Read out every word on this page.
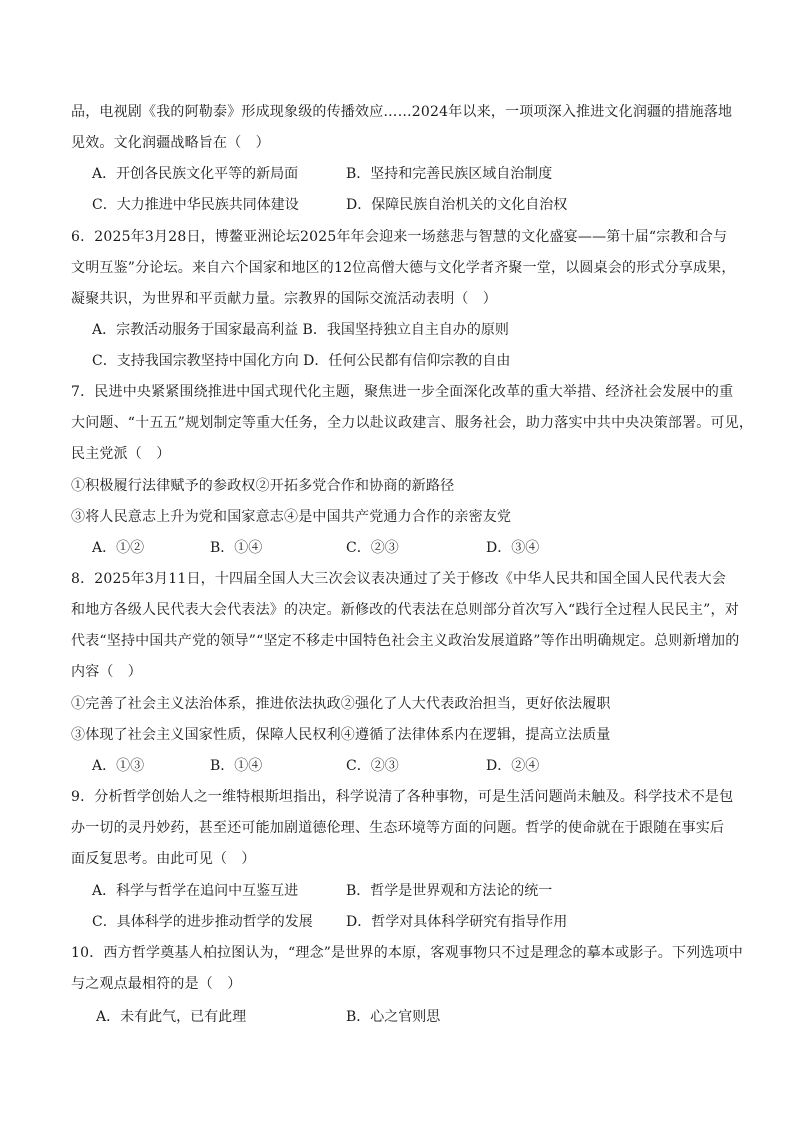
品，电视剧《我的阿勒泰》形成现象级的传播效应……2024年以来，一项项深入推进文化润疆的措施落地
见效。文化润疆战略旨在（　）
A．开创各民族文化平等的新局面	B．坚持和完善民族区域自治制度
C．大力推进中华民族共同体建设	D．保障民族自治机关的文化自治权
6．2025年3月28日，博鳌亚洲论坛2025年年会迎来一场慈悲与智慧的文化盛宴——第十届“宗教和合与
文明互鉴”分论坛。来自六个国家和地区的12位高僧大德与文化学者齐聚一堂，以圆桌会的形式分享成果，
凝聚共识，为世界和平贡献力量。宗教界的国际交流活动表明（　）
A．宗教活动服务于国家最高利益 B．我国坚持独立自主自办的原则
C．支持我国宗教坚持中国化方向 D．任何公民都有信仰宗教的自由
7．民进中央紧紧围绕推进中国式现代化主题，聚焦进一步全面深化改革的重大举措、经济社会发展中的重
大问题、“十五五”规划制定等重大任务，全力以赴议政建言、服务社会，助力落实中共中央决策部署。可见，
民主党派（　）
①积极履行法律赋予的参政权②开拓多党合作和协商的新路径
③将人民意志上升为党和国家意志④是中国共产党通力合作的亲密友党
A．①②	B．①④	C．②③	D．③④
8．2025年3月11日，十四届全国人大三次会议表决通过了关于修改《中华人民共和国全国人民代表大会
和地方各级人民代表大会代表法》的决定。新修改的代表法在总则部分首次写入“践行全过程人民民主”，对
代表“坚持中国共产党的领导”“坚定不移走中国特色社会主义政治发展道路”等作出明确规定。总则新增加的
内容（　）
①完善了社会主义法治体系，推进依法执政②强化了人大代表政治担当，更好依法履职
③体现了社会主义国家性质，保障人民权利④遵循了法律体系内在逻辑，提高立法质量
A．①③	B．①④	C．②③	D．②④
9．分析哲学创始人之一维特根斯坦指出，科学说清了各种事物，可是生活问题尚未触及。科学技术不是包
办一切的灵丹妙药，甚至还可能加剧道德伦理、生态环境等方面的问题。哲学的使命就在于跟随在事实后
面反复思考。由此可见（　）
A．科学与哲学在追问中互鉴互进	B．哲学是世界观和方法论的统一
C．具体科学的进步推动哲学的发展 D．哲学对具体科学研究有指导作用
10．西方哲学奠基人柏拉图认为，“理念”是世界的本原，客观事物只不过是理念的摹本或影子。下列选项中
与之观点最相符的是（　）
A．未有此气，已有此理	B．心之官则思
